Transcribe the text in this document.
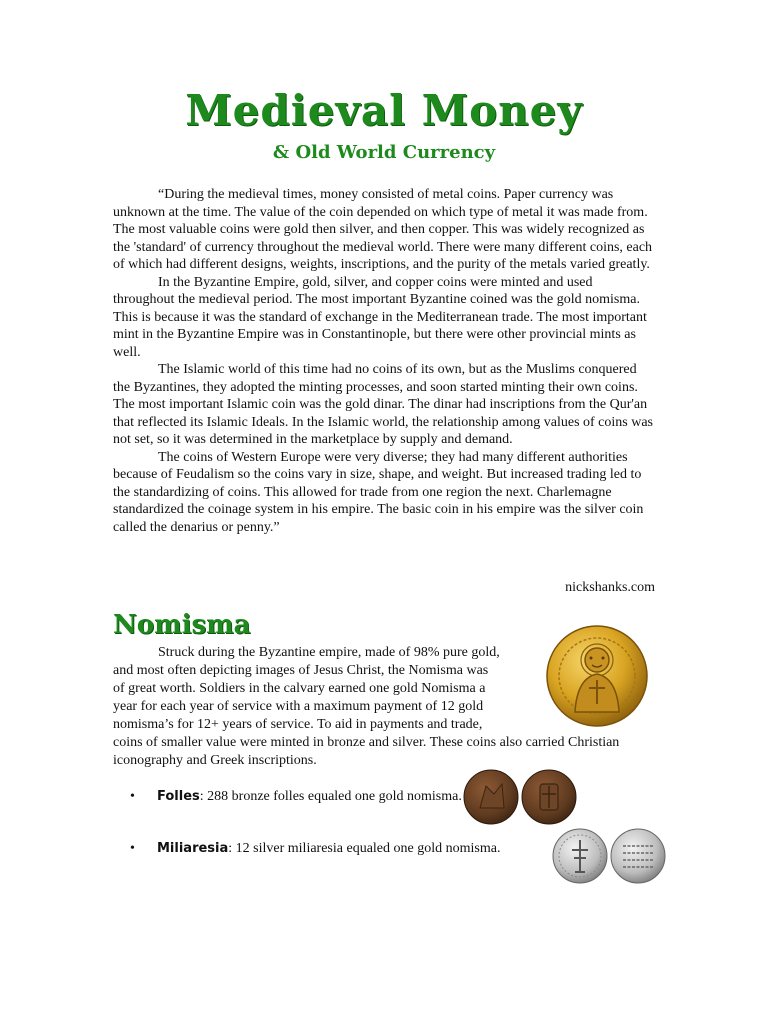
Medieval Money
& Old World Currency

“During the medieval times, money consisted of metal coins. Paper currency was unknown at the time. The value of the coin depended on which type of metal it was made from. The most valuable coins were gold then silver, and then copper. This was widely recognized as the 'standard' of currency throughout the medieval world. There were many different coins, each of which had different designs, weights, inscriptions, and the purity of the metals varied greatly.

In the Byzantine Empire, gold, silver, and copper coins were minted and used throughout the medieval period. The most important Byzantine coined was the gold nomisma. This is because it was the standard of exchange in the Mediterranean trade. The most important mint in the Byzantine Empire was in Constantinople, but there were other provincial mints as well.

The Islamic world of this time had no coins of its own, but as the Muslims conquered the Byzantines, they adopted the minting processes, and soon started minting their own coins. The most important Islamic coin was the gold dinar. The dinar had inscriptions from the Qur'an that reflected its Islamic Ideals. In the Islamic world, the relationship among values of coins was not set, so it was determined in the marketplace by supply and demand.

The coins of Western Europe were very diverse; they had many different authorities because of Feudalism so the coins vary in size, shape, and weight. But increased trading led to the standardizing of coins. This allowed for trade from one region the next. Charlemagne standardized the coinage system in his empire. The basic coin in his empire was the silver coin called the denarius or penny.”

nickshanks.com
Nomisma
Struck during the Byzantine empire, made of 98% pure gold,
and most often depicting images of Jesus Christ, the Nomisma was
of great worth. Soldiers in the calvary earned one gold Nomisma a
year for each year of service with a maximum payment of 12 gold
nomisma’s for 12+ years of service. To aid in payments and trade,
coins of smaller value were minted in bronze and silver. These coins also carried Christian iconography and Greek inscriptions.
• Folles: 288 bronze folles equaled one gold nomisma.
• Miliaresia: 12 silver miliaresia equaled one gold nomisma.
